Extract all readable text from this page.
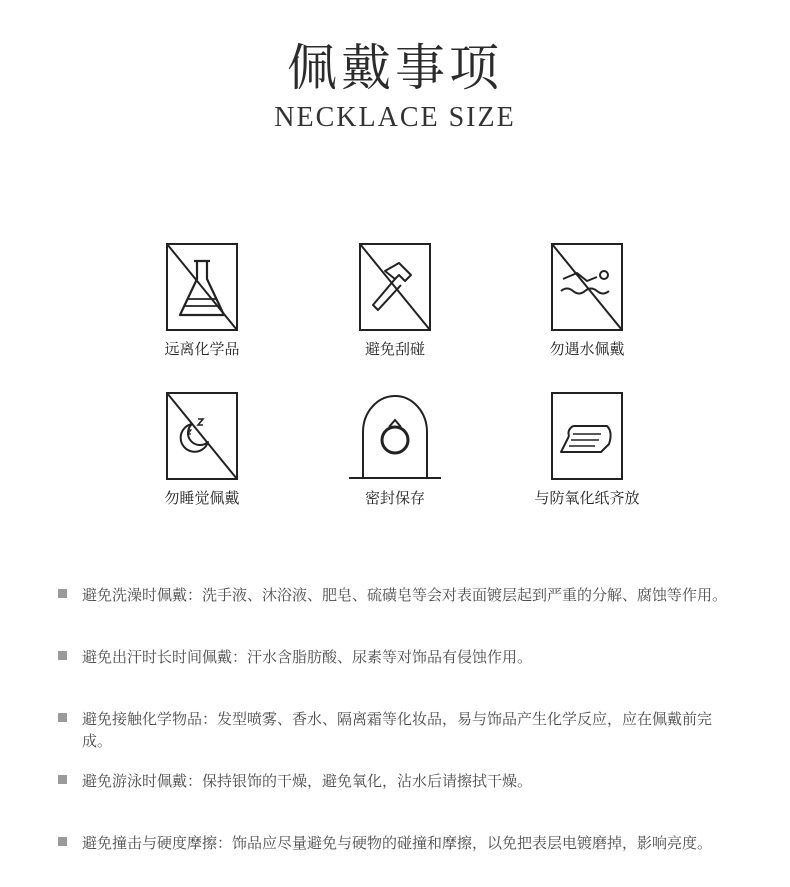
佩戴事项
NECKLACE SIZE
远离化学品	避免刮碰	勿遇水佩戴
勿睡觉佩戴	密封保存	与防氧化纸齐放
避免洗澡时佩戴：洗手液、沐浴液、肥皂、硫磺皂等会对表面镀层起到严重的分解、腐蚀等作用。
避免出汗时长时间佩戴：汗水含脂肪酸、尿素等对饰品有侵蚀作用。
避免接触化学物品：发型喷雾、香水、隔离霜等化妆品，易与饰品产生化学反应，应在佩戴前完成。
避免游泳时佩戴：保持银饰的干燥，避免氧化，沾水后请擦拭干燥。
避免撞击与硬度摩擦：饰品应尽量避免与硬物的碰撞和摩擦，以免把表层电镀磨掉，影响亮度。
